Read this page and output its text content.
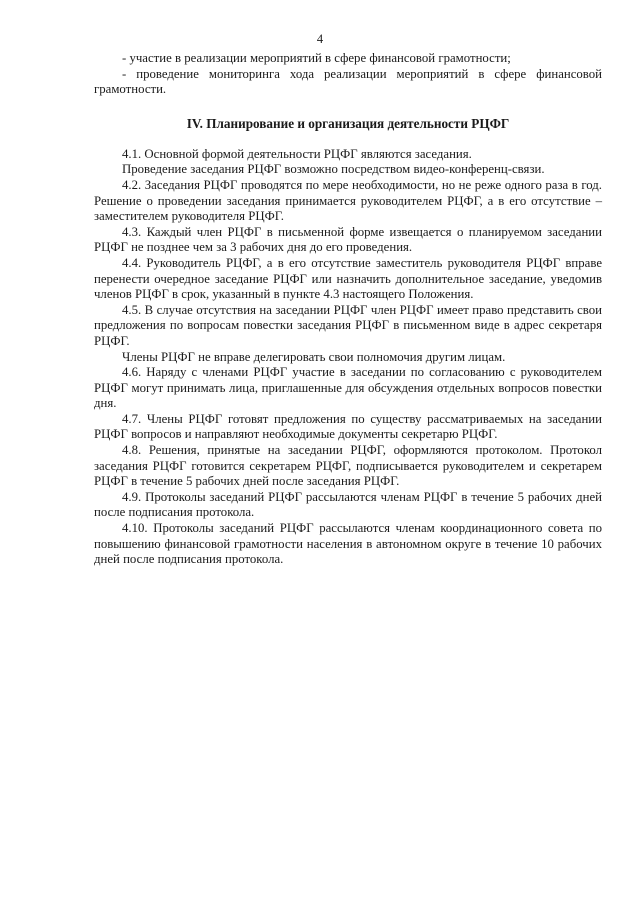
4

- участие в реализации мероприятий в сфере финансовой грамотности;

- проведение мониторинга хода реализации мероприятий в сфере финансовой грамотности.

IV. Планирование и организация деятельности РЦФГ

4.1. Основной формой деятельности РЦФГ являются заседания.

Проведение заседания РЦФГ возможно посредством видео-конференц-связи.

4.2. Заседания РЦФГ проводятся по мере необходимости, но не реже одного раза в год. Решение о проведении заседания принимается руководителем РЦФГ, а в его отсутствие – заместителем руководителя РЦФГ.

4.3. Каждый член РЦФГ в письменной форме извещается о планируемом заседании РЦФГ не позднее чем за 3 рабочих дня до его проведения.

4.4. Руководитель РЦФГ, а в его отсутствие заместитель руководителя РЦФГ вправе перенести очередное заседание РЦФГ или назначить дополнительное заседание, уведомив членов РЦФГ в срок, указанный в пункте 4.3 настоящего Положения.

4.5. В случае отсутствия на заседании РЦФГ член РЦФГ имеет право представить свои предложения по вопросам повестки заседания РЦФГ в письменном виде в адрес секретаря РЦФГ.

Члены РЦФГ не вправе делегировать свои полномочия другим лицам.

4.6. Наряду с членами РЦФГ участие в заседании по согласованию с руководителем РЦФГ могут принимать лица, приглашенные для обсуждения отдельных вопросов повестки дня.

4.7. Члены РЦФГ готовят предложения по существу рассматриваемых на заседании РЦФГ вопросов и направляют необходимые документы секретарю РЦФГ.

4.8. Решения, принятые на заседании РЦФГ, оформляются протоколом. Протокол заседания РЦФГ готовится секретарем РЦФГ, подписывается руководителем и секретарем РЦФГ в течение 5 рабочих дней после заседания РЦФГ.

4.9. Протоколы заседаний РЦФГ рассылаются членам РЦФГ в течение 5 рабочих дней после подписания протокола.

4.10. Протоколы заседаний РЦФГ рассылаются членам координационного совета по повышению финансовой грамотности населения в автономном округе в течение 10 рабочих дней после подписания протокола.
